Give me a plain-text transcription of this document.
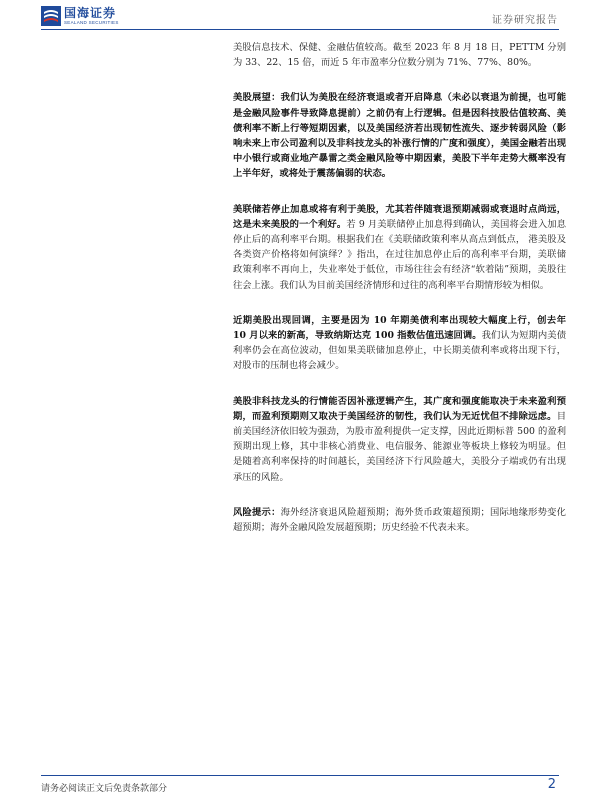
国海证券
SEALAND SECURITIES	证券研究报告

美股信息技术、保健、金融估值较高。截至 2023 年 8 月 18 日，PETTM 分别为 33、22、15 倍，而近 5 年市盈率分位数分别为 71%、77%、80%。

美股展望：我们认为美股在经济衰退或者开启降息（未必以衰退为前提，也可能是金融风险事件导致降息提前）之前仍有上行逻辑。但是因科技股估值较高、美债利率不断上行等短期因素，以及美国经济若出现韧性流失、逐步转弱风险（影响未来上市公司盈利以及非科技龙头的补涨行情的广度和强度），美国金融若出现中小银行或商业地产暴雷之类金融风险等中期因素，美股下半年走势大概率没有上半年好，或将处于震荡偏弱的状态。

美联储若停止加息或将有利于美股，尤其若伴随衰退预期减弱或衰退时点尚远，这是未来美股的一个利好。若 9 月美联储停止加息得到确认，美国将会进入加息停止后的高利率平台期。根据我们在《美联储政策利率从高点到低点， 港美股及各类资产价格将如何演绎？》指出，在过往加息停止后的高利率平台期，美联储政策利率不再向上，失业率处于低位，市场往往会有经济“软着陆”预期，美股往往会上涨。我们认为目前美国经济情形和过往的高利率平台期情形较为相似。

近期美股出现回调，主要是因为 10 年期美债利率出现较大幅度上行，创去年 10 月以来的新高，导致纳斯达克 100 指数估值迅速回调。我们认为短期内美债利率仍会在高位波动，但如果美联储加息停止，中长期美债利率或将出现下行，对股市的压制也将会减少。

美股非科技龙头的行情能否因补涨逻辑产生，其广度和强度能取决于未来盈利预期，而盈利预期则又取决于美国经济的韧性，我们认为无近忧但不排除远虑。目前美国经济依旧较为强劲，为股市盈利提供一定支撑，因此近期标普 500 的盈利预期出现上修，其中非核心消费业、电信服务、能源业等板块上修较为明显。但是随着高利率保持的时间越长，美国经济下行风险越大，美股分子端或仍有出现承压的风险。

风险提示：海外经济衰退风险超预期；海外货币政策超预期；国际地缘形势变化超预期；海外金融风险发展超预期；历史经验不代表未来。

请务必阅读正文后免责条款部分	2
